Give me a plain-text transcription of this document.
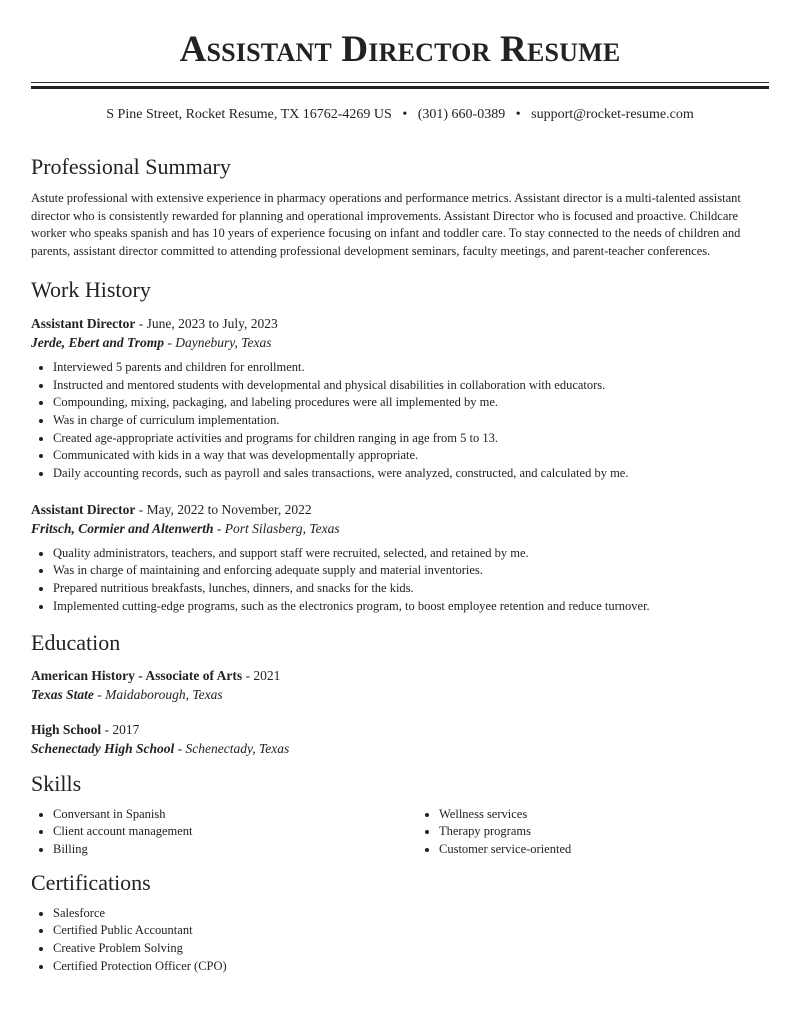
Assistant Director Resume
S Pine Street, Rocket Resume, TX 16762-4269 US • (301) 660-0389 • support@rocket-resume.com
Professional Summary
Astute professional with extensive experience in pharmacy operations and performance metrics. Assistant director is a multi-talented assistant director who is consistently rewarded for planning and operational improvements. Assistant Director who is focused and proactive. Childcare worker who speaks spanish and has 10 years of experience focusing on infant and toddler care. To stay connected to the needs of children and parents, assistant director committed to attending professional development seminars, faculty meetings, and parent-teacher conferences.
Work History
Assistant Director - June, 2023 to July, 2023
Jerde, Ebert and Tromp - Daynebury, Texas
• Interviewed 5 parents and children for enrollment.
• Instructed and mentored students with developmental and physical disabilities in collaboration with educators.
• Compounding, mixing, packaging, and labeling procedures were all implemented by me.
• Was in charge of curriculum implementation.
• Created age-appropriate activities and programs for children ranging in age from 5 to 13.
• Communicated with kids in a way that was developmentally appropriate.
• Daily accounting records, such as payroll and sales transactions, were analyzed, constructed, and calculated by me.
Assistant Director - May, 2022 to November, 2022
Fritsch, Cormier and Altenwerth - Port Silasberg, Texas
• Quality administrators, teachers, and support staff were recruited, selected, and retained by me.
• Was in charge of maintaining and enforcing adequate supply and material inventories.
• Prepared nutritious breakfasts, lunches, dinners, and snacks for the kids.
• Implemented cutting-edge programs, such as the electronics program, to boost employee retention and reduce turnover.
Education
American History - Associate of Arts - 2021
Texas State - Maidaborough, Texas
High School - 2017
Schenectady High School - Schenectady, Texas
Skills
• Conversant in Spanish
• Client account management
• Billing
• Wellness services
• Therapy programs
• Customer service-oriented
Certifications
• Salesforce
• Certified Public Accountant
• Creative Problem Solving
• Certified Protection Officer (CPO)
